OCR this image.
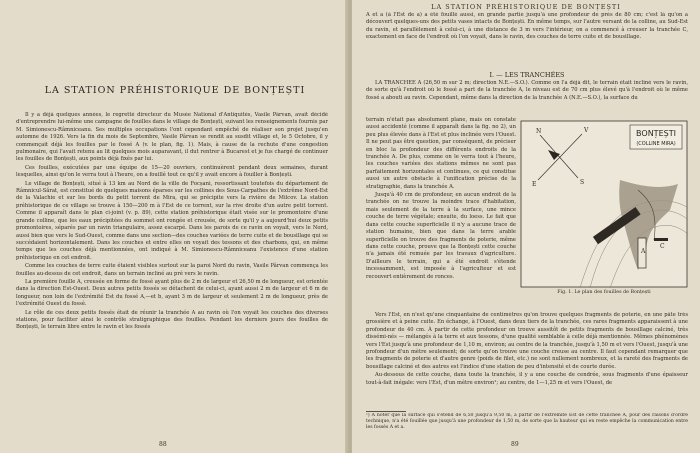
LA STATION PRÉHISTORIQUE DE BONȚEȘTI

Il y a déjà quelques années, le regretté directeur du Musée National d'Antiquités, Vasile Pârvan, avait décidé d'entreprendre lui-même une campagne de fouilles dans le village de Bonțești, suivant les renseignements fournis par M. Simionescu-Râmniceanu. Ses multiples occupations l'ont cependant empêché de réaliser son projet jusqu'en automne de 1926. Vers la fin du mois de Septembre, Vasile Pârvan se rendit au susdit village et, le 5 Octobre, il y commençait déjà les fouilles par le fossé A (v. le plan, fig. 1). Mais, à cause de la rechute d'une congestion pulmonaire, qui l'avait retenu au lit quelques mois auparavant, il dut rentrer à Bucarest et je fus chargé de continuer les fouilles de Bonțești, aux points déjà fixés par lui.

Ces fouilles, exécutées par une équipe de 15—20 ouvriers, continuèrent pendant deux semaines, durant lesquelles, ainsi qu'on le verra tout à l'heure, on a fouillé tout ce qu'il y avait encore à fouiller à Bonțești.

Le village de Bonțești, situé à 13 km au Nord de la ville de Focșani, ressortissant toutefois du département de Râmnicul-Sărat, est constitué de quelques maisons éparses sur les collines des Sous-Carpathes de l'extrême Nord-Est de la Valachie et sur les bords du petit torrent de Mira, qui se précipite vers la rivière de Milcov. La station préhistorique de ce village se trouve à 150—200 m à l'Est de ce torrent, sur la rive droite d'un autre petit torrent. Comme il apparaît dans le plan ci-joint (v. p. 89), cette station préhistorique était visée sur le promontoire d'une grande colline, que les eaux précipitées du sommet ont rongée et creusée, de sorte qu'il y a aujourd'hui deux petits promontoires, séparés par un ravin triangulaire, assez escarpé. Dans les parois de ce ravin on voyait, vers le Nord, aussi bien que vers le Sud-Ouest, comme dans une section—des couches variées de terre cuite et de bousillage qui se succédaient horizontalement. Dans les couches et entre elles on voyait des tessons et des charbons, qui, en même temps que les couches déjà mentionnées, ont indiqué à M. Simionescu-Râmniceanu l'existence d'une station préhistorique en cet endroit.

Comme les couches de terre cuite étaient visibles surtout sur la paroi Nord du ravin, Vasile Pârvan commença les fouilles au-dessus de cet endroit, dans un terrain incliné au pré vers le ravin.

La première fouille A, creusée en forme de fossé ayant plus de 2 m de largeur et 26,50 m de longueur, est orientée dans la direction Est-Ouest. Deux autres petits fossés se détachent de celui-ci, ayant aussi 2 m de largeur et 6 m de longueur, non loin de l'extrémité Est du fossé A,—et b, ayant 3 m de largeur et seulement 2 m de longueur, près de l'extrémité Ouest du fossé.

Le rôle de ces deux petits fossés était de réunir la tranchée A au ravin où l'on voyait les couches des diverses stations, pour faciliter ainsi le contrôle stratigraphique des fouilles. Pendant les derniers jours des fouilles de Bonțești, le terrain libre entre le ravin et les fossés

88
LA STATION PRÉHISTORIQUE DE BONȚEȘTI

A et a (à l'Est de a) a été fouillé aussi, en grande partie jusqu'à une profondeur de près de 80 cm; c'est là qu'on a découvert quelques-uns des petits vases intacts de Bonțești. En même temps, sur l'autre versant de la colline, au Sud-Est du ravin, et parallèlement à celui-ci, à une distance de 3 m vers l'intérieur, on a commencé à creuser la tranchée C, exactement en face de l'endroit où l'on voyait, dans le ravin, des couches de terre cuite et de bousillage.

I. — LES TRANCHÉES

LA TRANCHÉE A (26,50 m sur 2 m; direction N.E.—S.O.). Comme on l'a déjà dit, le terrain était incliné vers le ravin, de sorte qu'à l'endroit où le fossé a part de la tranchée A, le niveau est de 70 cm plus élevé qu'à l'endroit où le même fossé a abouti au ravin. Cependant, même dans la direction de la tranchée A (N.E.—S.O.), la surface du

terrain n'était pas absolument plane, mais on constate aussi accidenté (comme il apparaît dans la fig. no 2), un peu plus élevée dans à l'Est et plus inclinée vers l'Ouest. Il ne peut pas être question, par conséquent, de préciser en bloc la profondeur des différents endroits de la tranchée A. De plus, comme on le verra tout à l'heure, les couches variées des stations mêmes ne sont pas parfaitement horizontales et continues, ce qui constitue aussi un autre obstacle à l'unification précise de la stratigraphie, dans la tranchée A.

Jusqu'à 40 cm de profondeur, en aucun endroit de la tranchée on ne trouve la moindre trace d'habitation, mais seulement de la terre à la surface, une mince couche de terre végétale; ensuite, du loess. Le fait que dans cette couche superficielle il n'y a aucune trace de station humaine, bien que dans la terre arable superficielle on trouve des fragments de poterie, même dans cette couche, prouve que la Bonțești cette couche n'a jamais été remuée par les travaux d'agriculture. D'ailleurs le terrain, qui a été endroit s'étende incessamment, est imposée à l'agriculteur et est recouvert entièrement de ronces.

BONȚEȘTI
(COLLINE MIRA)
N	V
E	S
A
C
Fig. 1. Le plan des fouilles de Bonțești

Vers l'Est, en n'est qu'une cinquantaine de centimètres qu'on trouve quelques fragments de poterie, en une pâte très grossière et à peine cuite. En échange, à l'Ouest, dans deux tiers de la tranchée, ces rares fragments apparaissent à une profondeur de 40 cm. À partir de cette profondeur on trouve aussitôt de petits fragments de bousillage calciné, très dissémi-nés — mélangés à la terre et aux tessons, d'une qualité semblable à celle déjà mentionnée. Mêmes phénomènes vers l'Est jusqu'à une profondeur de 1,10 m, environ; au centre de la tranchée, jusqu'à 1,50 m et vers l'Ouest, jusqu'à une profondeur d'un mètre seulement; de sorte qu'on trouve une couche creuse au centre. Il faut cependant remarquer que les fragments de poterie et d'autre genre (poids de filet, etc.) ne sont nullement nombreux, et la rareté des fragments de bousillage calciné et des autres est l'indice d'une station de peu d'intensité et de courte durée.

Au-dessous de cette couche, dans toute la tranchée, il y a une couche de cendrée, sous fragments d'une épaisseur tout-à-fait inégale: vers l'Est, d'un mètre environ¹; au centre, de 1—1,25 m et vers l'Ouest, de

¹) À noter que la surface qui s'étend de 6,50 jusqu'à 9,50 m, à partir de l'extrémité Est de cette tranchée A, pour des raisons d'ordre technique, n'a été fouillée que jusqu'à une profondeur de 1,50 m, de sorte que la hauteur qui en reste empêche la communication entre les fossés A et a.

89
